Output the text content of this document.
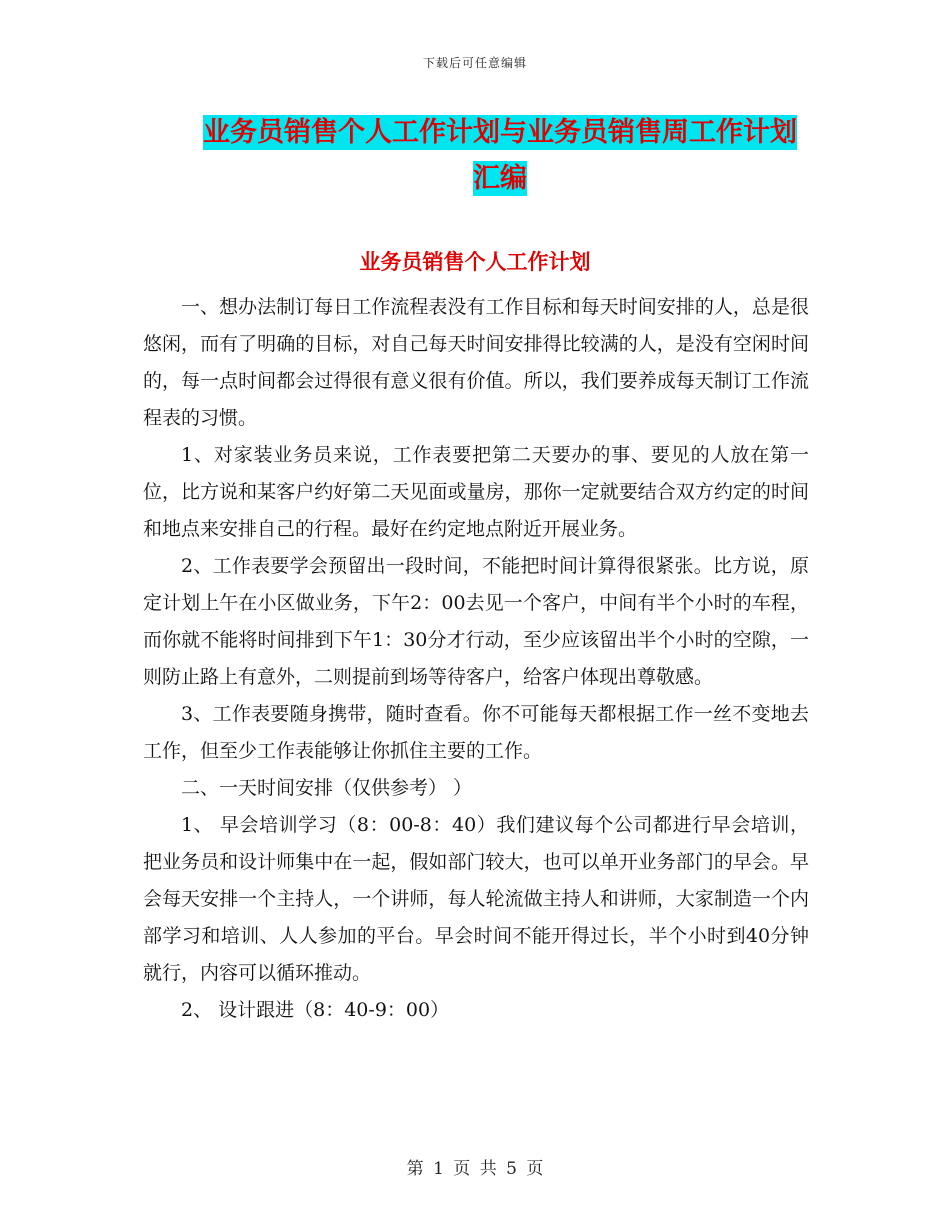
下载后可任意编辑
业务员销售个人工作计划与业务员销售周工作计划汇编
业务员销售个人工作计划

一、想办法制订每日工作流程表没有工作目标和每天时间安排的人，总是很悠闲，而有了明确的目标，对自己每天时间安排得比较满的人，是没有空闲时间的，每一点时间都会过得很有意义很有价值。所以，我们要养成每天制订工作流程表的习惯。

1、对家装业务员来说，工作表要把第二天要办的事、要见的人放在第一位，比方说和某客户约好第二天见面或量房，那你一定就要结合双方约定的时间和地点来安排自己的行程。最好在约定地点附近开展业务。

2、工作表要学会预留出一段时间，不能把时间计算得很紧张。比方说，原定计划上午在小区做业务，下午2：00去见一个客户，中间有半个小时的车程，而你就不能将时间排到下午1：30分才行动，至少应该留出半个小时的空隙，一则防止路上有意外，二则提前到场等待客户，给客户体现出尊敬感。

3、工作表要随身携带，随时查看。你不可能每天都根据工作一丝不变地去工作，但至少工作表能够让你抓住主要的工作。

二、一天时间安排（仅供参考） ）

1、 早会培训学习（8：00-8：40）我们建议每个公司都进行早会培训，把业务员和设计师集中在一起，假如部门较大，也可以单开业务部门的早会。早会每天安排一个主持人，一个讲师，每人轮流做主持人和讲师，大家制造一个内部学习和培训、人人参加的平台。早会时间不能开得过长，半个小时到40分钟就行，内容可以循环推动。

2、 设计跟进（8：40-9：00）

第 1 页 共 5 页
